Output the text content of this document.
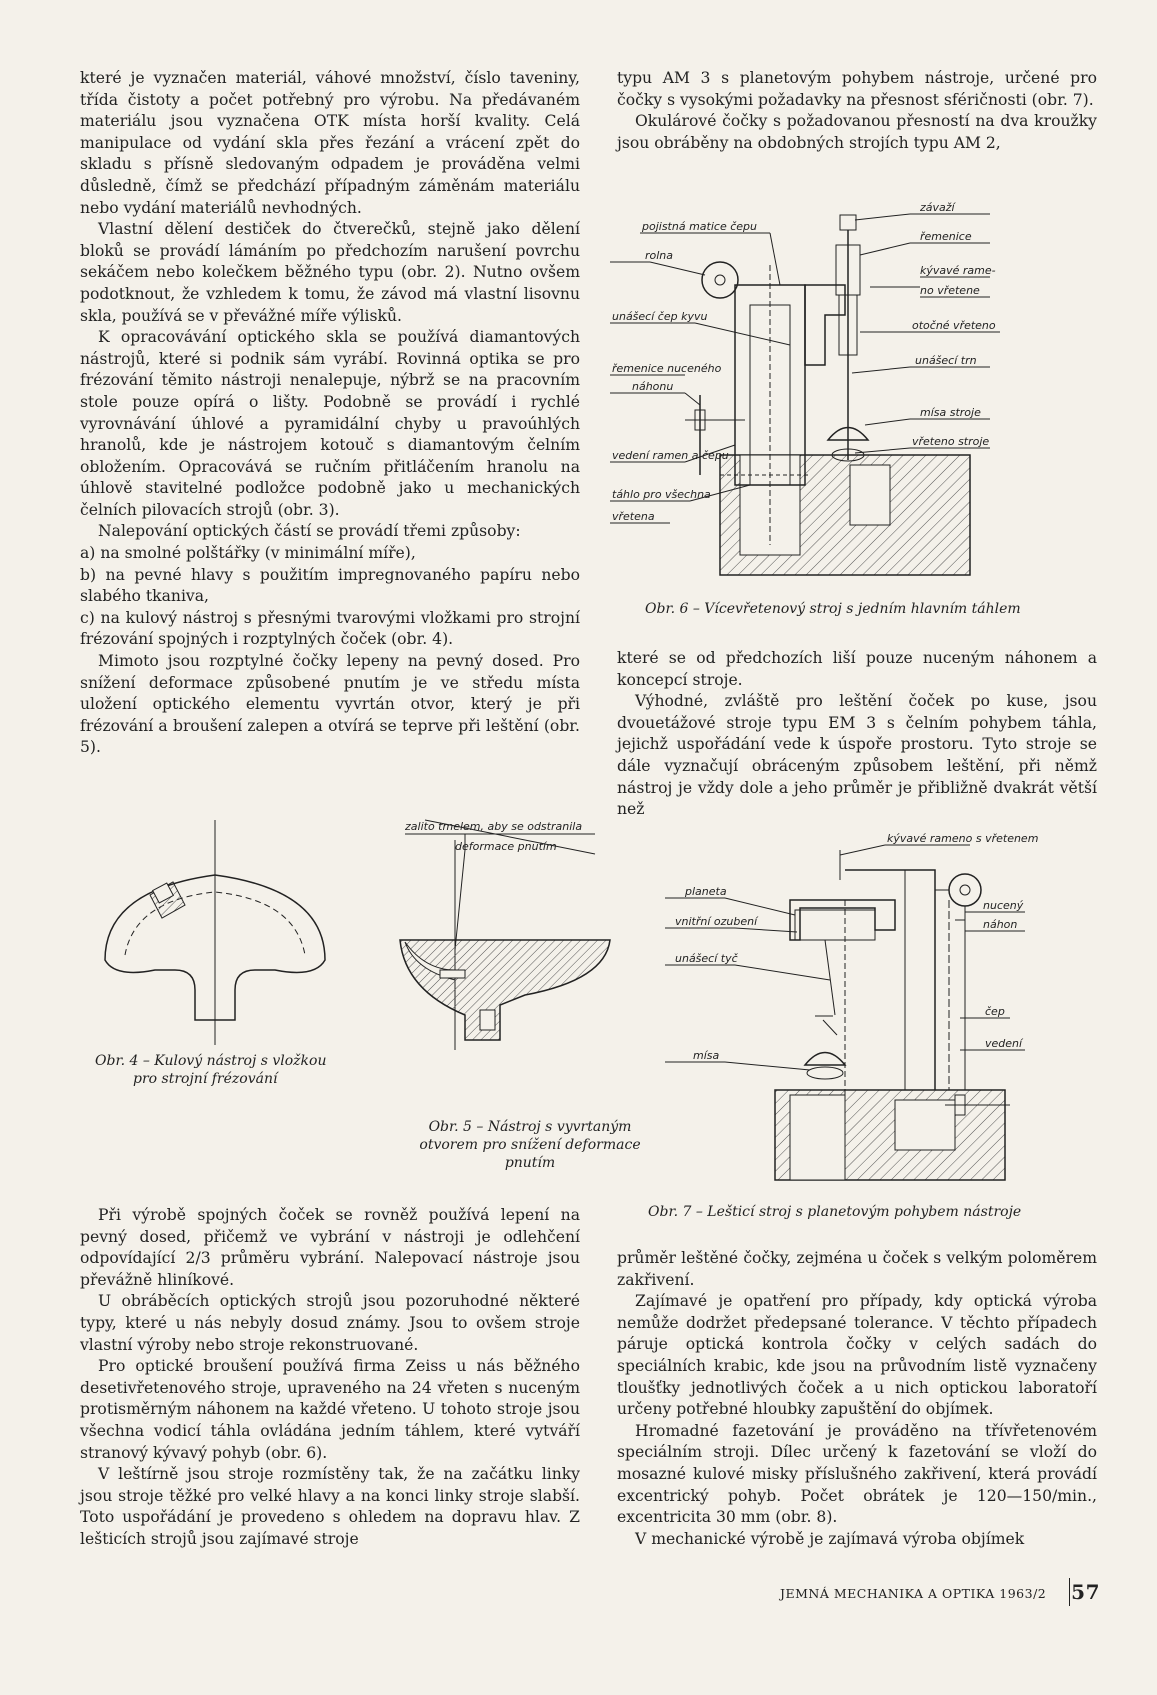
které je vyznačen materiál, váhové množství, číslo taveniny, třída čistoty a počet potřebný pro výrobu. Na předávaném materiálu jsou vyznačena OTK místa horší kvality. Celá manipulace od vydání skla přes řezání a vrácení zpět do skladu s přísně sledovaným odpadem je prováděna velmi důsledně, čímž se předchází případným záměnám materiálu nebo vydání materiálů nevhodných.

Vlastní dělení destiček do čtverečků, stejně jako dělení bloků se provádí lámáním po předchozím narušení povrchu sekáčem nebo kolečkem běžného typu (obr. 2). Nutno ovšem podotknout, že vzhledem k tomu, že závod má vlastní lisovnu skla, používá se v převážné míře výlisků.

K opracovávání optického skla se používá diamantových nástrojů, které si podnik sám vyrábí. Rovinná optika se pro frézování těmito nástroji nenalepuje, nýbrž se na pracovním stole pouze opírá o lišty. Podobně se provádí i rychlé vyrovnávání úhlové a pyramidální chyby u pravoúhlých hranolů, kde je nástrojem kotouč s diamantovým čelním obložením. Opracovává se ručním přitláčením hranolu na úhlově stavitelné podložce podobně jako u mechanických čelních pilovacích strojů (obr. 3).

Nalepování optických částí se provádí třemi způsoby:

a) na smolné polštářky (v minimální míře),

b) na pevné hlavy s použitím impregnovaného papíru nebo slabého tkaniva,

c) na kulový nástroj s přesnými tvarovými vložkami pro strojní frézování spojných i rozptylných čoček (obr. 4).

Mimoto jsou rozptylné čočky lepeny na pevný dosed. Pro snížení deformace způsobené pnutím je ve středu místa uložení optického elementu vyvrtán otvor, který je při frézování a broušení zalepen a otvírá se teprve při leštění (obr. 5).

Při výrobě spojných čoček se rovněž používá lepení na pevný dosed, přičemž ve vybrání v nástroji je odlehčení odpovídající 2/3 průměru vybrání. Nalepovací nástroje jsou převážně hliníkové.

U obráběcích optických strojů jsou pozoruhodné některé typy, které u nás nebyly dosud známy. Jsou to ovšem stroje vlastní výroby nebo stroje rekonstruované.

Pro optické broušení používá firma Zeiss u nás běžného desetivřetenového stroje, upraveného na 24 vřeten s nuceným protisměrným náhonem na každé vřeteno. U tohoto stroje jsou všechna vodicí táhla ovládána jedním táhlem, které vytváří stranový kývavý pohyb (obr. 6).

V leštírně jsou stroje rozmístěny tak, že na začátku linky jsou stroje těžké pro velké hlavy a na konci linky stroje slabší. Toto uspořádání je provedeno s ohledem na dopravu hlav. Z lešticích strojů jsou zajímavé stroje

typu AM 3 s planetovým pohybem nástroje, určené pro čočky s vysokými požadavky na přesnost sféričnosti (obr. 7).

Okulárové čočky s požadovanou přesností na dva kroužky jsou obráběny na obdobných strojích typu AM 2,

které se od předchozích liší pouze nuceným náhonem a koncepcí stroje.

Výhodné, zvláště pro leštění čoček po kuse, jsou dvouetážové stroje typu EM 3 s čelním pohybem táhla, jejichž uspořádání vede k úspoře prostoru. Tyto stroje se dále vyznačují obráceným způsobem leštění, při němž nástroj je vždy dole a jeho průměr je přibližně dvakrát větší než

průměr leštěné čočky, zejména u čoček s velkým poloměrem zakřivení.

Zajímavé je opatření pro případy, kdy optická výroba nemůže dodržet předepsané tolerance. V těchto případech páruje optická kontrola čočky v celých sadách do speciálních krabic, kde jsou na průvodním listě vyznačeny tloušťky jednotlivých čoček a u nich optickou laboratoří určeny potřebné hloubky zapuštění do objímek.

Hromadné fazetování je prováděno na třívřetenovém speciálním stroji. Dílec určený k fazetování se vloží do mosazné kulové misky příslušného zakřivení, která provádí excentrický pohyb. Počet obrátek je 120—150/min., excentricita 30 mm (obr. 8).

V mechanické výrobě je zajímavá výroba objímek

závaží
pojistná matice čepu
řemenice
rolna
kývavé rame-
no vřetene
unášecí čep kyvu
otočné vřeteno
unášecí trn
řemenice nuceného
náhonu
mísa stroje
vřeteno stroje
vedení ramen a čepu
táhlo pro všechna
vřetena
Obr. 6 – Vícevřetenový stroj s jedním hlavním táhlem
Obr. 4 – Kulový nástroj s vložkou
pro strojní frézování
zalito tmelem, aby se odstranila
deformace pnutím
Obr. 5 – Nástroj s vyvrtaným
otvorem pro snížení deformace
pnutím
kývavé rameno s vřetenem
planeta
vnitřní ozubení
nucený
náhon
unášecí tyč
čep
mísa
vedení
Obr. 7 – Lešticí stroj s planetovým pohybem nástroje
JEMNÁ MECHANIKA A OPTIKA 1963/2 57
